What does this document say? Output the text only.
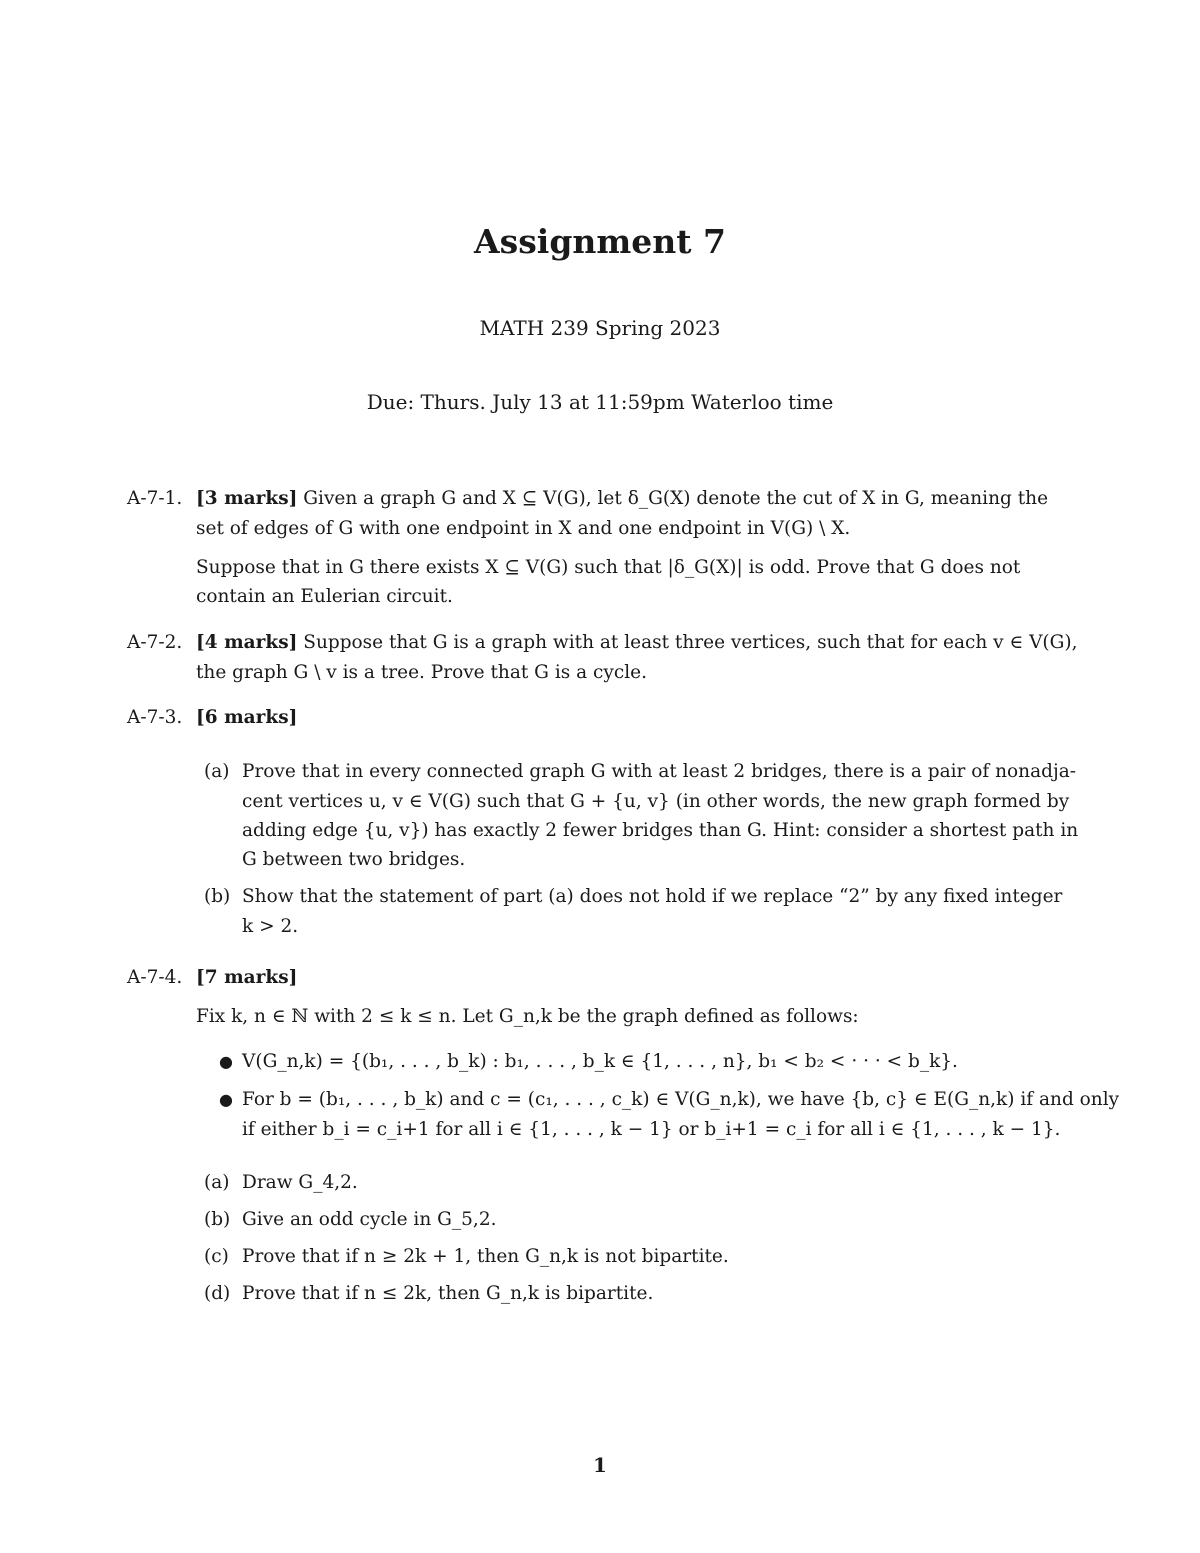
Assignment 7
MATH 239 Spring 2023
Due: Thurs. July 13 at 11:59pm Waterloo time
A-7-1. [3 marks] Given a graph G and X ⊆ V(G), let δ_G(X) denote the cut of X in G, meaning the
set of edges of G with one endpoint in X and one endpoint in V(G) \ X.
Suppose that in G there exists X ⊆ V(G) such that |δ_G(X)| is odd. Prove that G does not
contain an Eulerian circuit.
A-7-2. [4 marks] Suppose that G is a graph with at least three vertices, such that for each v ∈ V(G),
the graph G \ v is a tree. Prove that G is a cycle.
A-7-3. [6 marks]
(a) Prove that in every connected graph G with at least 2 bridges, there is a pair of nonadja-
cent vertices u, v ∈ V(G) such that G + {u, v} (in other words, the new graph formed by
adding edge {u, v}) has exactly 2 fewer bridges than G. Hint: consider a shortest path in
G between two bridges.
(b) Show that the statement of part (a) does not hold if we replace “2” by any fixed integer
k > 2.
A-7-4. [7 marks]
Fix k, n ∈ ℕ with 2 ≤ k ≤ n. Let G_n,k be the graph defined as follows:
● V(G_n,k) = {(b₁, . . . , b_k) : b₁, . . . , b_k ∈ {1, . . . , n}, b₁ < b₂ < · · · < b_k}.
● For b = (b₁, . . . , b_k) and c = (c₁, . . . , c_k) ∈ V(G_n,k), we have {b, c} ∈ E(G_n,k) if and only
if either b_i = c_i+1 for all i ∈ {1, . . . , k − 1} or b_i+1 = c_i for all i ∈ {1, . . . , k − 1}.
(a) Draw G_4,2.
(b) Give an odd cycle in G_5,2.
(c) Prove that if n ≥ 2k + 1, then G_n,k is not bipartite.
(d) Prove that if n ≤ 2k, then G_n,k is bipartite.
1
